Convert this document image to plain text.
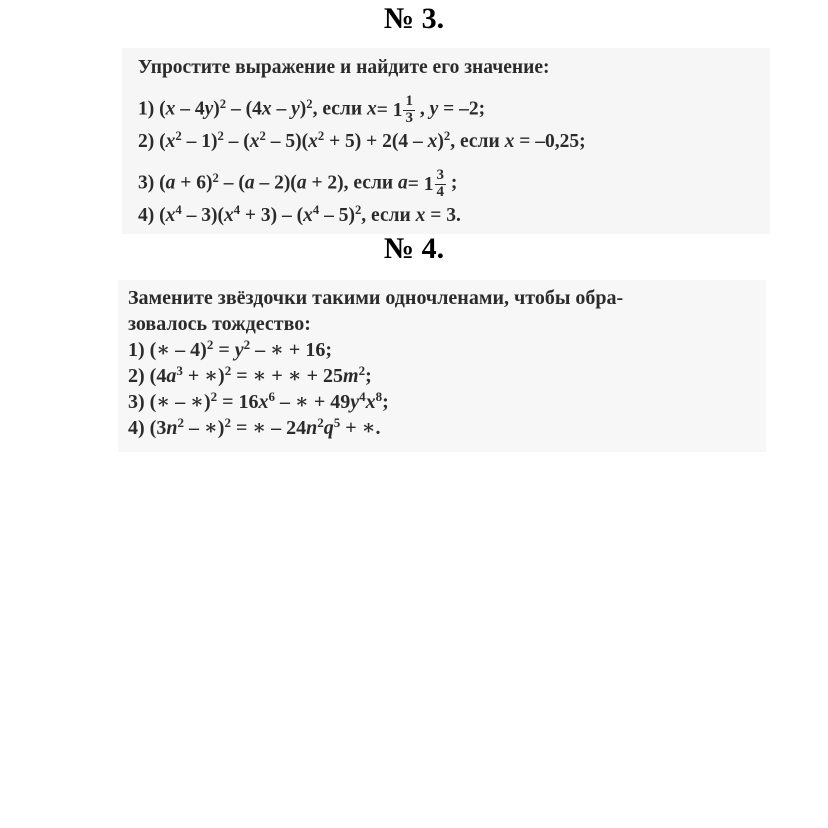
№ 3.
Упростите выражение и найдите его значение:
1) (x – 4y)$^2$ – (4x – y)$^2$, если $x = 1 \frac{1}{3}$ , y = –2;
2) $(x^2 - 1)^2 - (x^2 - 5)(x^2 + 5) + 2(4 - x)^2$, если x = –0,25;
3) $(a + 6)^2 - (a - 2)(a + 2)$, если $a = 1 \frac{3}{4}$ ;
4) $(x^4 - 3)(x^4 + 3) - (x^4 - 5)^2$, если x = 3.
№ 4.
Замените звёздочки такими одночленами, чтобы обра-
зовалось тождество:
1) (∗ – $4)^2 = y^2$ – ∗ + 16;
2) ($4a^3$ + ∗)$^2$ = ∗ + ∗ + $25m^2$;
3) (∗ – ∗)$^2$ = $16x^6$ – ∗ + $49y^4x^8$;
4) ($3n^2$ – ∗)$^2$ = ∗ – $24n^2q^5$ + ∗.
